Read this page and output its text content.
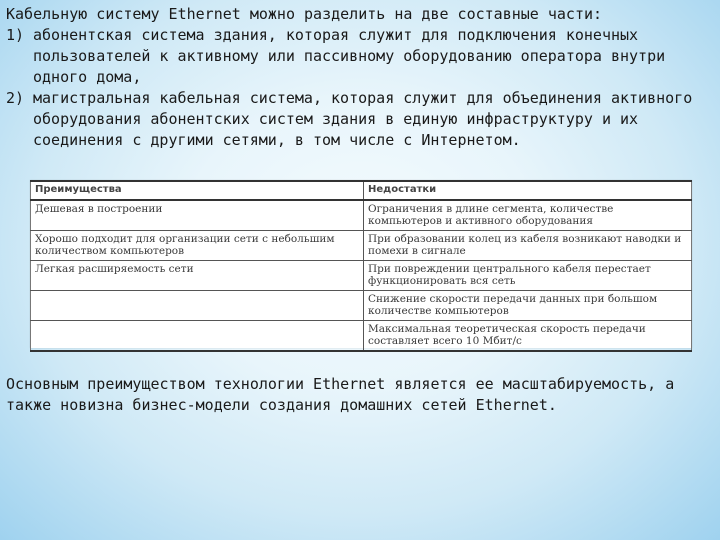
Кабельную систему Ethernet можно разделить на две составные части:
1) абонентская система здания, которая служит для подключения конечных
пользователей к активному или пассивному оборудованию оператора внутри
одного дома,
2) магистральная кабельная система, которая служит для объединения активного
оборудования абонентских систем здания в единую инфраструктуру и их
соединения с другими сетями, в том числе с Интернетом.
Преимущества	Недостатки
Дешевая в построении	Ограничения в длине сегмента, количестве компьютеров и активного оборудования
Хорошо подходит для организации сети с небольшим количеством компьютеров	При образовании колец из кабеля возникают наводки и помехи в сигнале
Легкая расширяемость сети	При повреждении центрального кабеля перестает функционировать вся сеть
	Снижение скорости передачи данных при большом количестве компьютеров
	Максимальная теоретическая скорость передачи составляет всего 10 Мбит/с
Основным преимуществом технологии Ethernet является ее масштабируемость, а
также новизна бизнес-модели создания домашних сетей Ethernet.
